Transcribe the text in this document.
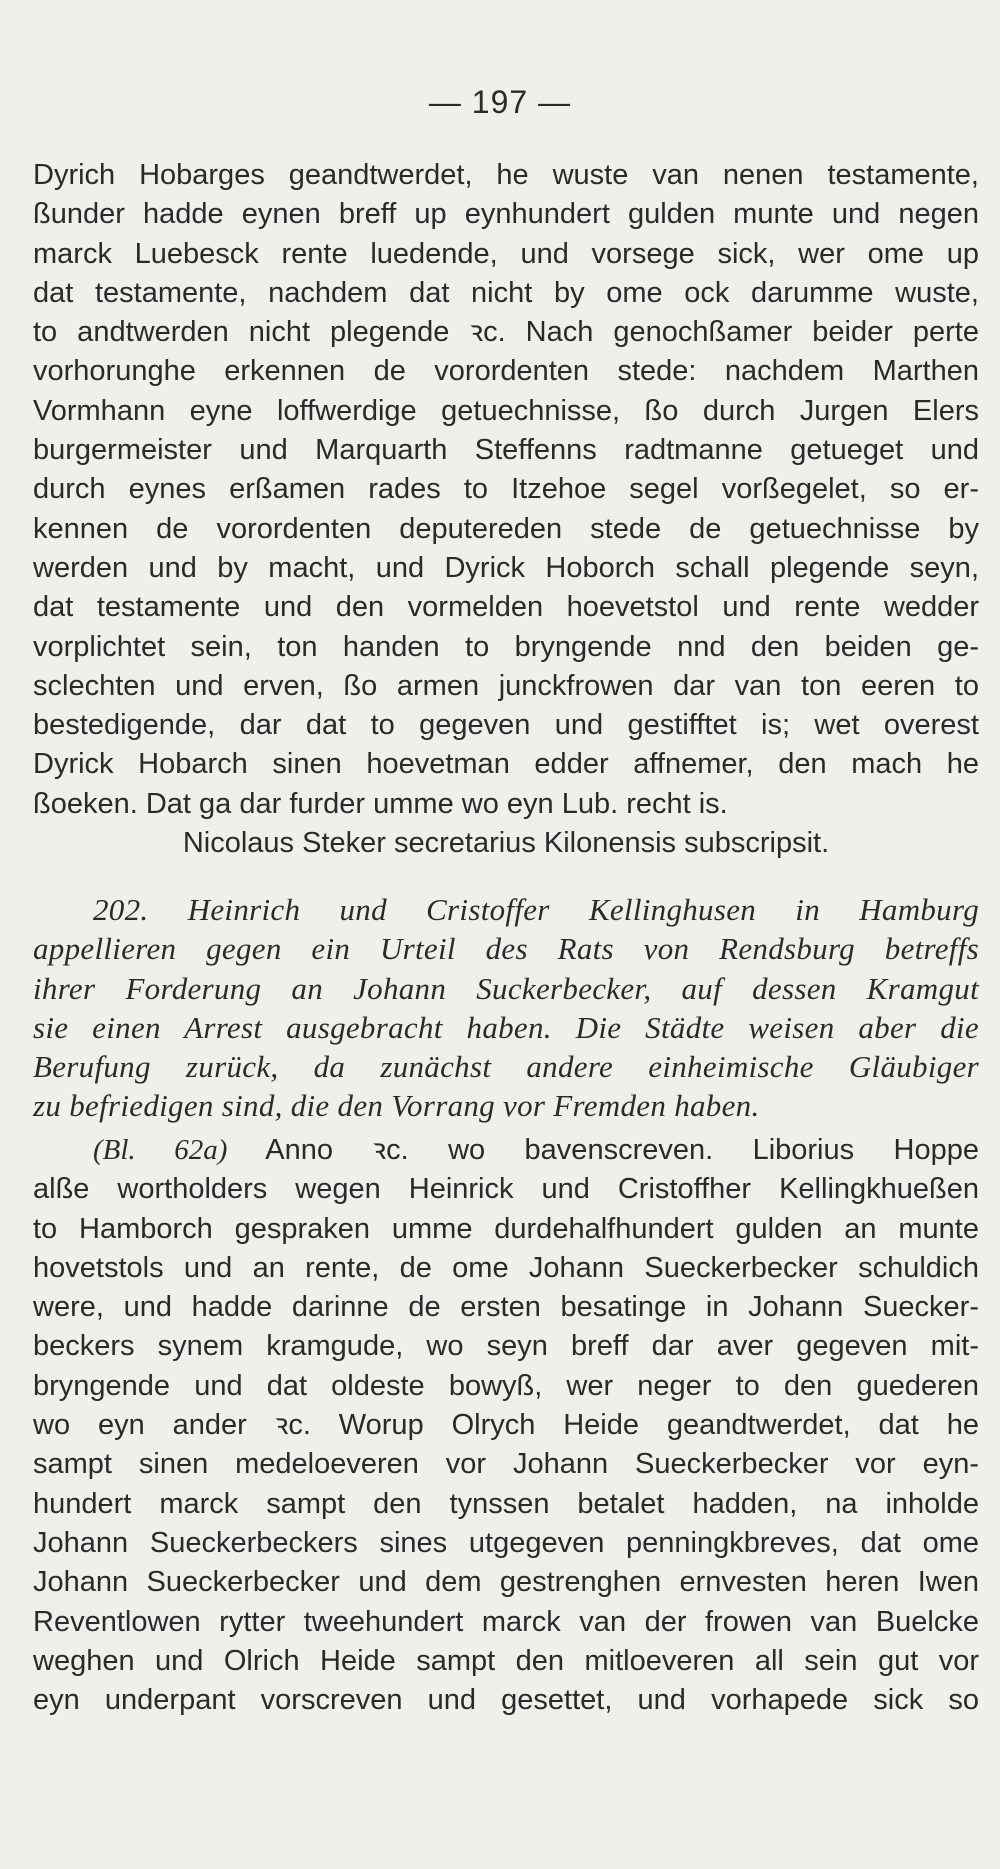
— 197 —
Dyrich Hobarges geandtwerdet, he wuste van nenen testamente,
ßunder hadde eynen breff up eynhundert gulden munte und negen
marck Luebesck rente luedende, und vorsege sick, wer ome up
dat testamente, nachdem dat nicht by ome ock darumme wuste,
to andtwerden nicht plegende ꝛc. Nach genochßamer beider perte
vorhorunghe erkennen de vorordenten stede: nachdem Marthen
Vormhann eyne loffwerdige getuechnisse, ßo durch Jurgen Elers
burgermeister und Marquarth Steffenns radtmanne getueget und
durch eynes erßamen rades to Itzehoe segel vorßegelet, so er-
kennen de vorordenten deputereden stede de getuechnisse by
werden und by macht, und Dyrick Hoborch schall plegende seyn,
dat testamente und den vormelden hoevetstol und rente wedder
vorplichtet sein, ton handen to bryngende nnd den beiden ge-
sclechten und erven, ßo armen junckfrowen dar van ton eeren to
bestedigende, dar dat to gegeven und gestifftet is; wet overest
Dyrick Hobarch sinen hoevetman edder affnemer, den mach he
ßoeken. Dat ga dar furder umme wo eyn Lub. recht is.
Nicolaus Steker secretarius Kilonensis subscripsit.
202. Heinrich und Cristoffer Kellinghusen in Hamburg
appellieren gegen ein Urteil des Rats von Rendsburg betreffs
ihrer Forderung an Johann Suckerbecker, auf dessen Kramgut
sie einen Arrest ausgebracht haben. Die Städte weisen aber die
Berufung zurück, da zunächst andere einheimische Gläubiger
zu befriedigen sind, die den Vorrang vor Fremden haben.
(Bl. 62a) Anno ꝛc. wo bavenscreven. Liborius Hoppe
alße wortholders wegen Heinrick und Cristoffher Kellingkhueßen
to Hamborch gespraken umme durdehalfhundert gulden an munte
hovetstols und an rente, de ome Johann Sueckerbecker schuldich
were, und hadde darinne de ersten besatinge in Johann Suecker-
beckers synem kramgude, wo seyn breff dar aver gegeven mit-
bryngende und dat oldeste bowyß, wer neger to den guederen
wo eyn ander ꝛc. Worup Olrych Heide geandtwerdet, dat he
sampt sinen medeloeveren vor Johann Sueckerbecker vor eyn-
hundert marck sampt den tynssen betalet hadden, na inholde
Johann Sueckerbeckers sines utgegeven penningkbreves, dat ome
Johann Sueckerbecker und dem gestrenghen ernvesten heren Iwen
Reventlowen rytter tweehundert marck van der frowen van Buelcke
weghen und Olrich Heide sampt den mitloeveren all sein gut vor
eyn underpant vorscreven und gesettet, und vorhapede sick so
